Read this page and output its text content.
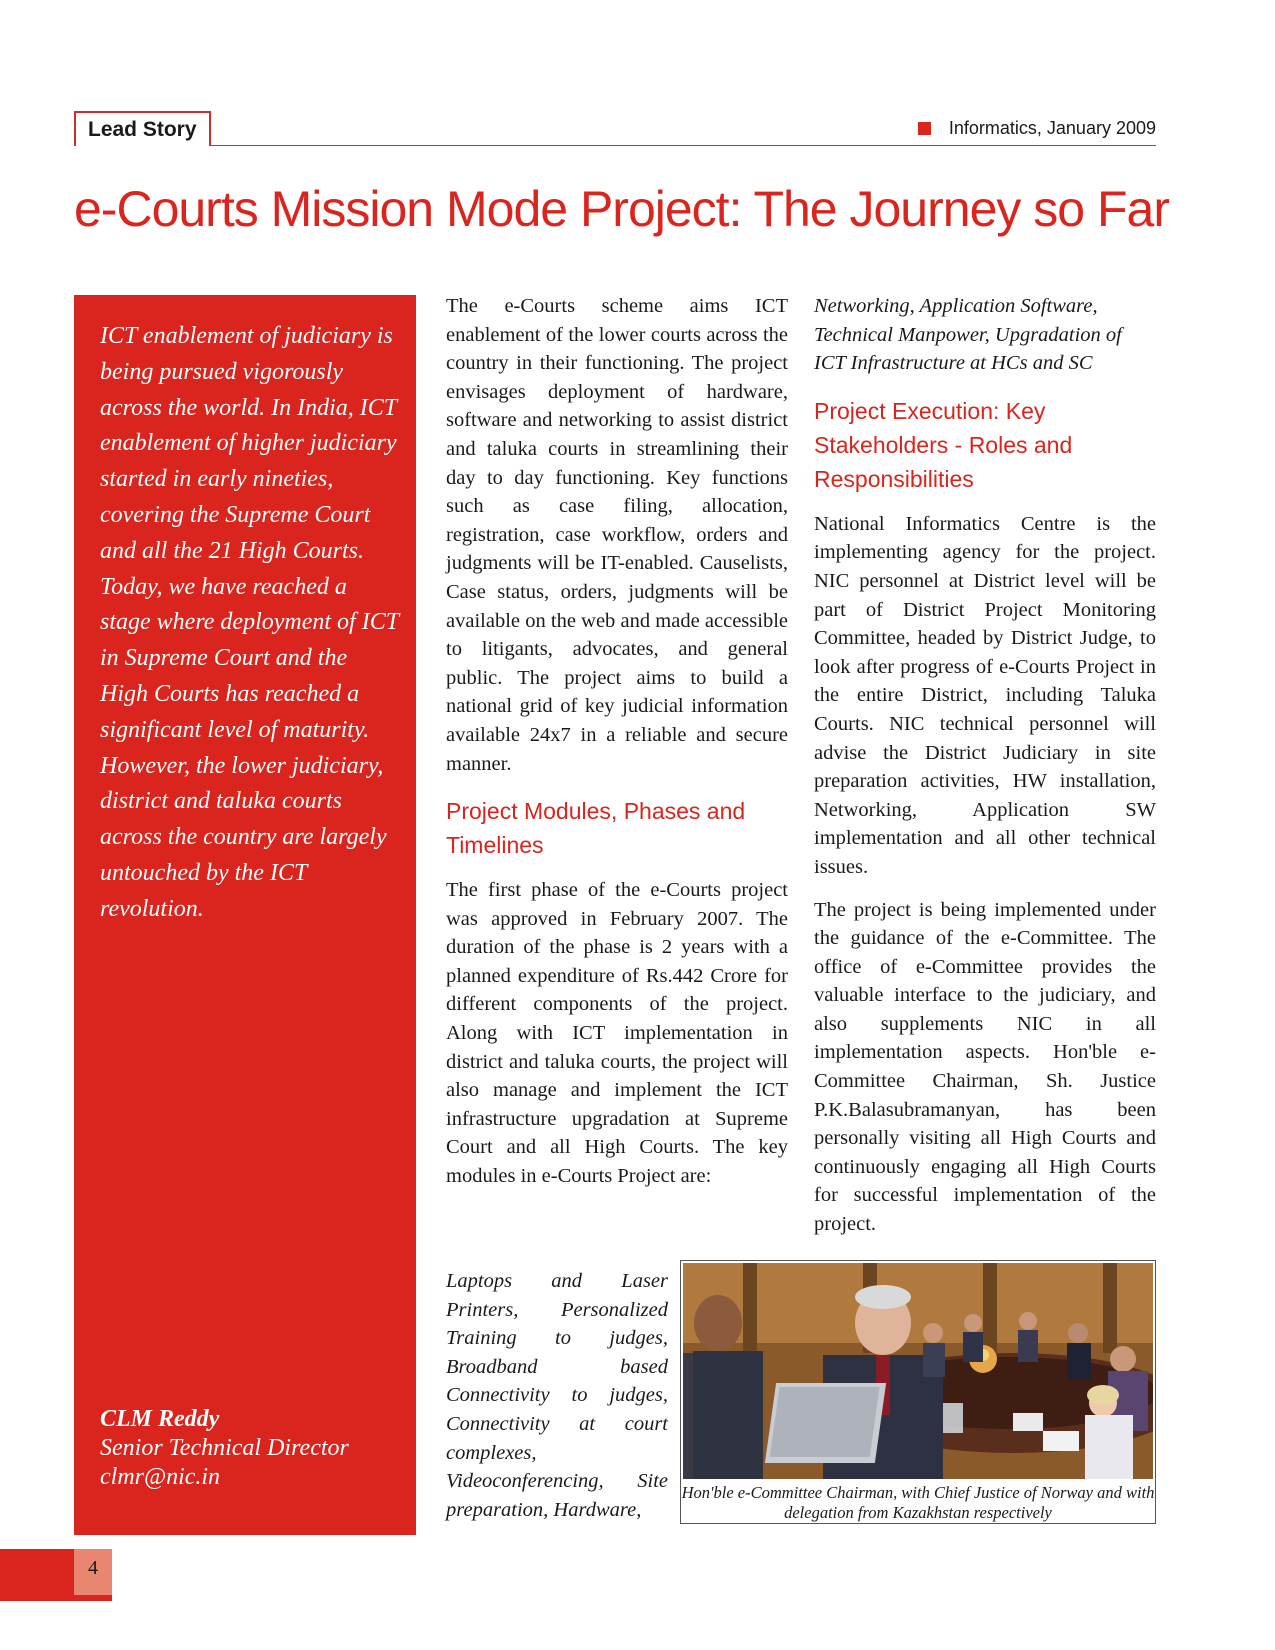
Lead Story	Informatics, January 2009
e-Courts Mission Mode Project: The Journey so Far
ICT enablement of judiciary is being pursued vigorously across the world. In India, ICT enablement of higher judiciary started in early nineties, covering the Supreme Court and all the 21 High Courts. Today, we have reached a stage where deployment of ICT in Supreme Court and the High Courts has reached a significant level of maturity. However, the lower judiciary, district and taluka courts across the country are largely untouched by the ICT revolution.
CLM Reddy
Senior Technical Director
clmr@nic.in

The e-Courts scheme aims ICT enablement of the lower courts across the country in their functioning. The project envisages deployment of hardware, software and networking to assist district and taluka courts in streamlining their day to day functioning. Key functions such as case filing, allocation, registration, case workflow, orders and judgments will be IT-enabled. Causelists, Case status, orders, judgments will be available on the web and made accessible to litigants, advocates, and general public. The project aims to build a national grid of key judicial information available 24x7 in a reliable and secure manner.

Project Modules, Phases and Timelines

The first phase of the e-Courts project was approved in February 2007. The duration of the phase is 2 years with a planned expenditure of Rs.442 Crore for different components of the project. Along with ICT implementation in district and taluka courts, the project will also manage and implement the ICT infrastructure upgradation at Supreme Court and all High Courts. The key modules in e-Courts Project are:

Laptops and Laser Printers, Personalized Training to judges, Broadband based Connectivity to judges, Connectivity at court complexes, Videoconferencing, Site preparation, Hardware,

Networking, Application Software, Technical Manpower, Upgradation of ICT Infrastructure at HCs and SC

Project Execution: Key Stakeholders - Roles and Responsibilities

National Informatics Centre is the implementing agency for the project. NIC personnel at District level will be part of District Project Monitoring Committee, headed by District Judge, to look after progress of e-Courts Project in the entire District, including Taluka Courts. NIC technical personnel will advise the District Judiciary in site preparation activities, HW installation, Networking, Application SW implementation and all other technical issues.

The project is being implemented under the guidance of the e-Committee. The office of e-Committee provides the valuable interface to the judiciary, and also supplements NIC in all implementation aspects. Hon'ble e-Committee Chairman, Sh. Justice P.K.Balasubramanyan, has been personally visiting all High Courts and continuously engaging all High Courts for successful implementation of the project.

Hon'ble e-Committee Chairman, with Chief Justice of Norway and with delegation from Kazakhstan respectively
4
